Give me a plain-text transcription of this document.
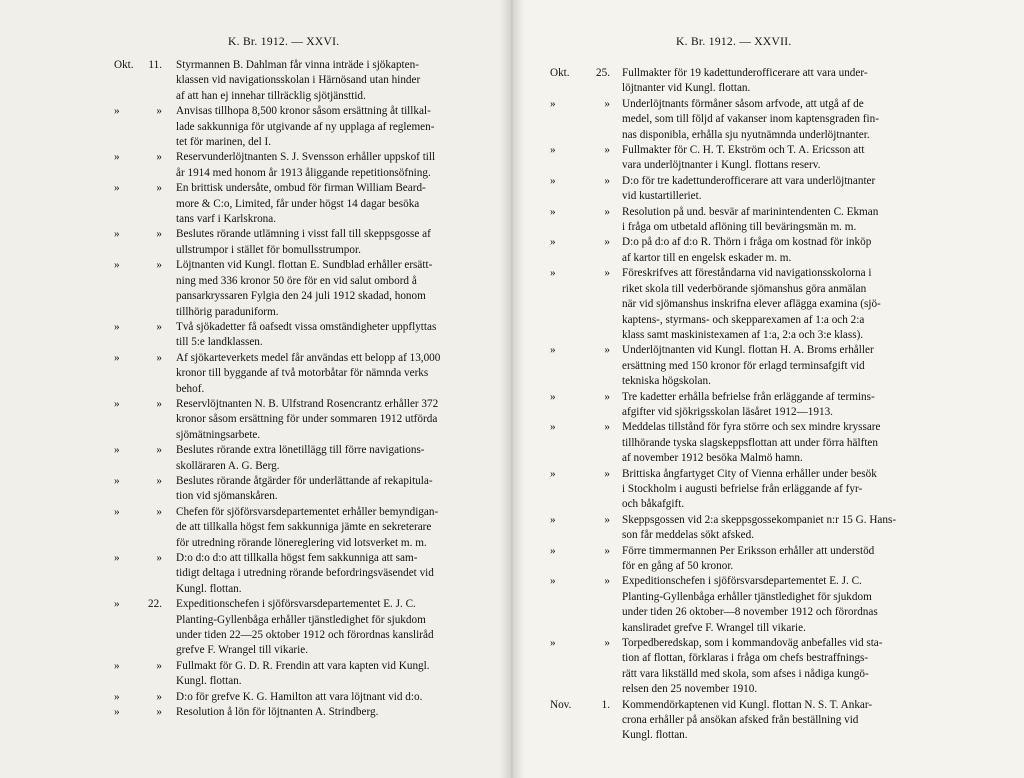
K. Br. 1912. — XXVI.
Okt.	11. Styrmannen B. Dahlman får vinna inträde i sjökapten-
klassen vid navigationsskolan i Härnösand utan hinder
af att han ej innehar tillräcklig sjötjänsttid.
»	» Anvisas tillhopa 8,500 kronor såsom ersättning åt tillkal-
lade sakkunniga för utgivande af ny upplaga af reglemen-
tet för marinen, del I.
»	» Reservunderlöjtnanten S. J. Svensson erhåller uppskof till
år 1914 med honom år 1913 åliggande repetitionsöfning.
»	» En brittisk undersåte, ombud för firman William Beard-
more & C:o, Limited, får under högst 14 dagar besöka
tans varf i Karlskrona.
»	» Beslutes rörande utlämning i visst fall till skeppsgosse af
ullstrumpor i stället för bomullsstrumpor.
»	» Löjtnanten vid Kungl. flottan E. Sundblad erhåller ersätt-
ning med 336 kronor 50 öre för en vid salut ombord å
pansarkryssaren Fylgia den 24 juli 1912 skadad, honom
tillhörig paraduniform.
»	» Två sjökadetter få oafsedt vissa omständigheter uppflyttas
till 5:e landklassen.
»	» Af sjökarteverkets medel får användas ett belopp af 13,000
kronor till byggande af två motorbåtar för nämnda verks
behof.
»	» Reservlöjtnanten N. B. Ulfstrand Rosencrantz erhåller 372
kronor såsom ersättning för under sommaren 1912 utförda
sjömätningsarbete.
»	» Beslutes rörande extra lönetillägg till förre navigations-
skolläraren A. G. Berg.
»	» Beslutes rörande åtgärder för underlättande af rekapitula-
tion vid sjömanskåren.
»	» Chefen för sjöförsvarsdepartementet erhåller bemyndigan-
de att tillkalla högst fem sakkunniga jämte en sekreterare
för utredning rörande lönereglering vid lotsverket m. m.
»	» D:o d:o d:o att tillkalla högst fem sakkunniga att sam-
tidigt deltaga i utredning rörande befordringsväsendet vid
Kungl. flottan.
»	22. Expeditionschefen i sjöförsvarsdepartementet E. J. C.
Planting-Gyllenbåga erhåller tjänstledighet för sjukdom
under tiden 22—25 oktober 1912 och förordnas kansliråd
grefve F. Wrangel till vikarie.
»	» Fullmakt för G. D. R. Frendin att vara kapten vid Kungl.
Kungl. flottan.
»	» D:o för grefve K. G. Hamilton att vara löjtnant vid d:o.
»	» Resolution å lön för löjtnanten A. Strindberg.
K. Br. 1912. — XXVII.
Okt.	25. Fullmakter för 19 kadettunderofficerare att vara under-
löjtnanter vid Kungl. flottan.
»	» Underlöjtnants förmåner såsom arfvode, att utgå af de
medel, som till följd af vakanser inom kaptensgraden fin-
nas disponibla, erhålla sju nyutnämnda underlöjtnanter.
»	» Fullmakter för C. H. T. Ekström och T. A. Ericsson att
vara underlöjtnanter i Kungl. flottans reserv.
»	» D:o för tre kadettunderofficerare att vara underlöjtnanter
vid kustartilleriet.
»	» Resolution på und. besvär af marinintendenten C. Ekman
i fråga om utbetald aflöning till beväringsmän m. m.
»	» D:o på d:o af d:o R. Thörn i fråga om kostnad för inköp
af kartor till en engelsk eskader m. m.
»	» Föreskrifves att föreståndarna vid navigationsskolorna i
riket skola till vederbörande sjömanshus göra anmälan
när vid sjömanshus inskrifna elever aflägga examina (sjö-
kaptens-, styrmans- och skepparexamen af 1:a och 2:a
klass samt maskinistexamen af 1:a, 2:a och 3:e klass).
»	» Underlöjtnanten vid Kungl. flottan H. A. Broms erhåller
ersättning med 150 kronor för erlagd terminsafgift vid
tekniska högskolan.
»	» Tre kadetter erhålla befrielse från erläggande af termins-
afgifter vid sjökrigsskolan läsåret 1912—1913.
»	» Meddelas tillstånd för fyra större och sex mindre kryssare
tillhörande tyska slagskeppsflottan att under förra hälften
af november 1912 besöka Malmö hamn.
»	» Brittiska ångfartyget City of Vienna erhåller under besök
i Stockholm i augusti befrielse från erläggande af fyr-
och båkafgift.
»	» Skeppsgossen vid 2:a skeppsgossekompaniet n:r 15 G. Hans-
son får meddelas sökt afsked.
»	» Förre timmermannen Per Eriksson erhåller att understöd
för en gång af 50 kronor.
»	» Expeditionschefen i sjöförsvarsdepartementet E. J. C.
Planting-Gyllenbåga erhåller tjänstledighet för sjukdom
under tiden 26 oktober—8 november 1912 och förordnas
kansliradet grefve F. Wrangel till vikarie.
»	» Torpedberedskap, som i kommandoväg anbefalles vid sta-
tion af flottan, förklaras i fråga om chefs bestraffnings-
rätt vara likställd med skola, som afses i nådiga kungö-
relsen den 25 november 1910.
Nov.	1. Kommendörkaptenen vid Kungl. flottan N. S. T. Ankar-
crona erhåller på ansökan afsked från beställning vid
Kungl. flottan.
